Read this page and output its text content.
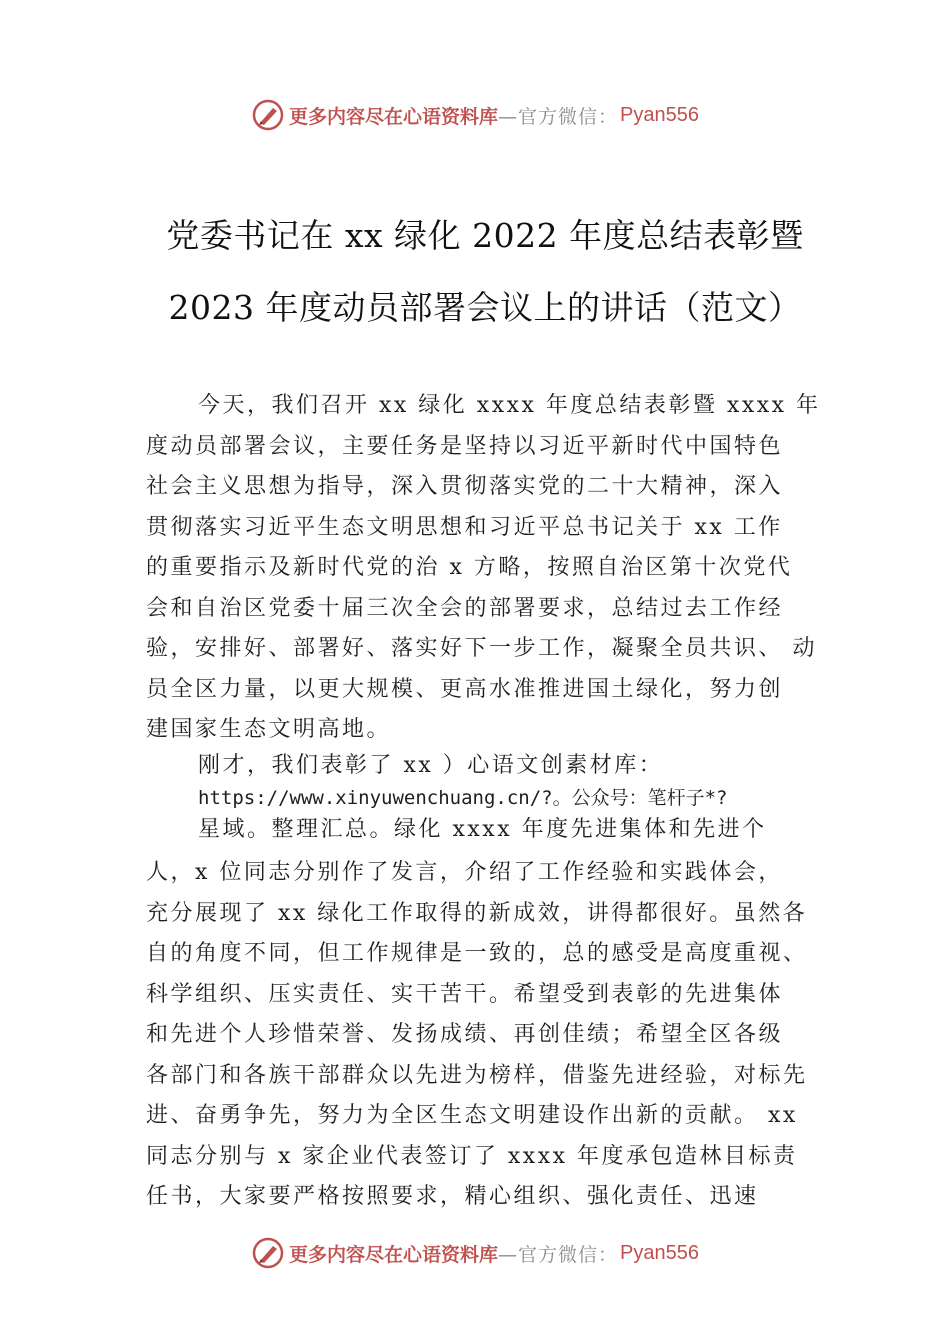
更多内容尽在心语资料库 —官方微信： Pyan556
党委书记在 xx 绿化 2022 年度总结表彰暨
2023 年度动员部署会议上的讲话（范文）
今天，我们召开 xx 绿化 xxxx 年度总结表彰暨 xxxx 年
度动员部署会议，主要任务是坚持以习近平新时代中国特色
社会主义思想为指导，深入贯彻落实党的二十大精神，深入
贯彻落实习近平生态文明思想和习近平总书记关于 xx 工作
的重要指示及新时代党的治 x 方略，按照自治区第十次党代
会和自治区党委十届三次全会的部署要求，总结过去工作经
验，安排好、部署好、落实好下一步工作，凝聚全员共识、 动
员全区力量，以更大规模、更高水准推进国土绿化，努力创
建国家生态文明高地。
刚才，我们表彰了 xx ）心语文创素材库：
https://www.xinyuwenchuang.cn/?。公众号：笔杆子*?
星域。整理汇总。绿化 xxxx 年度先进集体和先进个
人，x 位同志分别作了发言，介绍了工作经验和实践体会，
充分展现了 xx 绿化工作取得的新成效，讲得都很好。虽然各
自的角度不同，但工作规律是一致的，总的感受是高度重视、
科学组织、压实责任、实干苦干。希望受到表彰的先进集体
和先进个人珍惜荣誉、发扬成绩、再创佳绩；希望全区各级
各部门和各族干部群众以先进为榜样，借鉴先进经验，对标先
进、奋勇争先，努力为全区生态文明建设作出新的贡献。 xx
同志分别与 x 家企业代表签订了 xxxx 年度承包造林目标责
任书，大家要严格按照要求，精心组织、强化责任、迅速
更多内容尽在心语资料库 —官方微信： Pyan556
